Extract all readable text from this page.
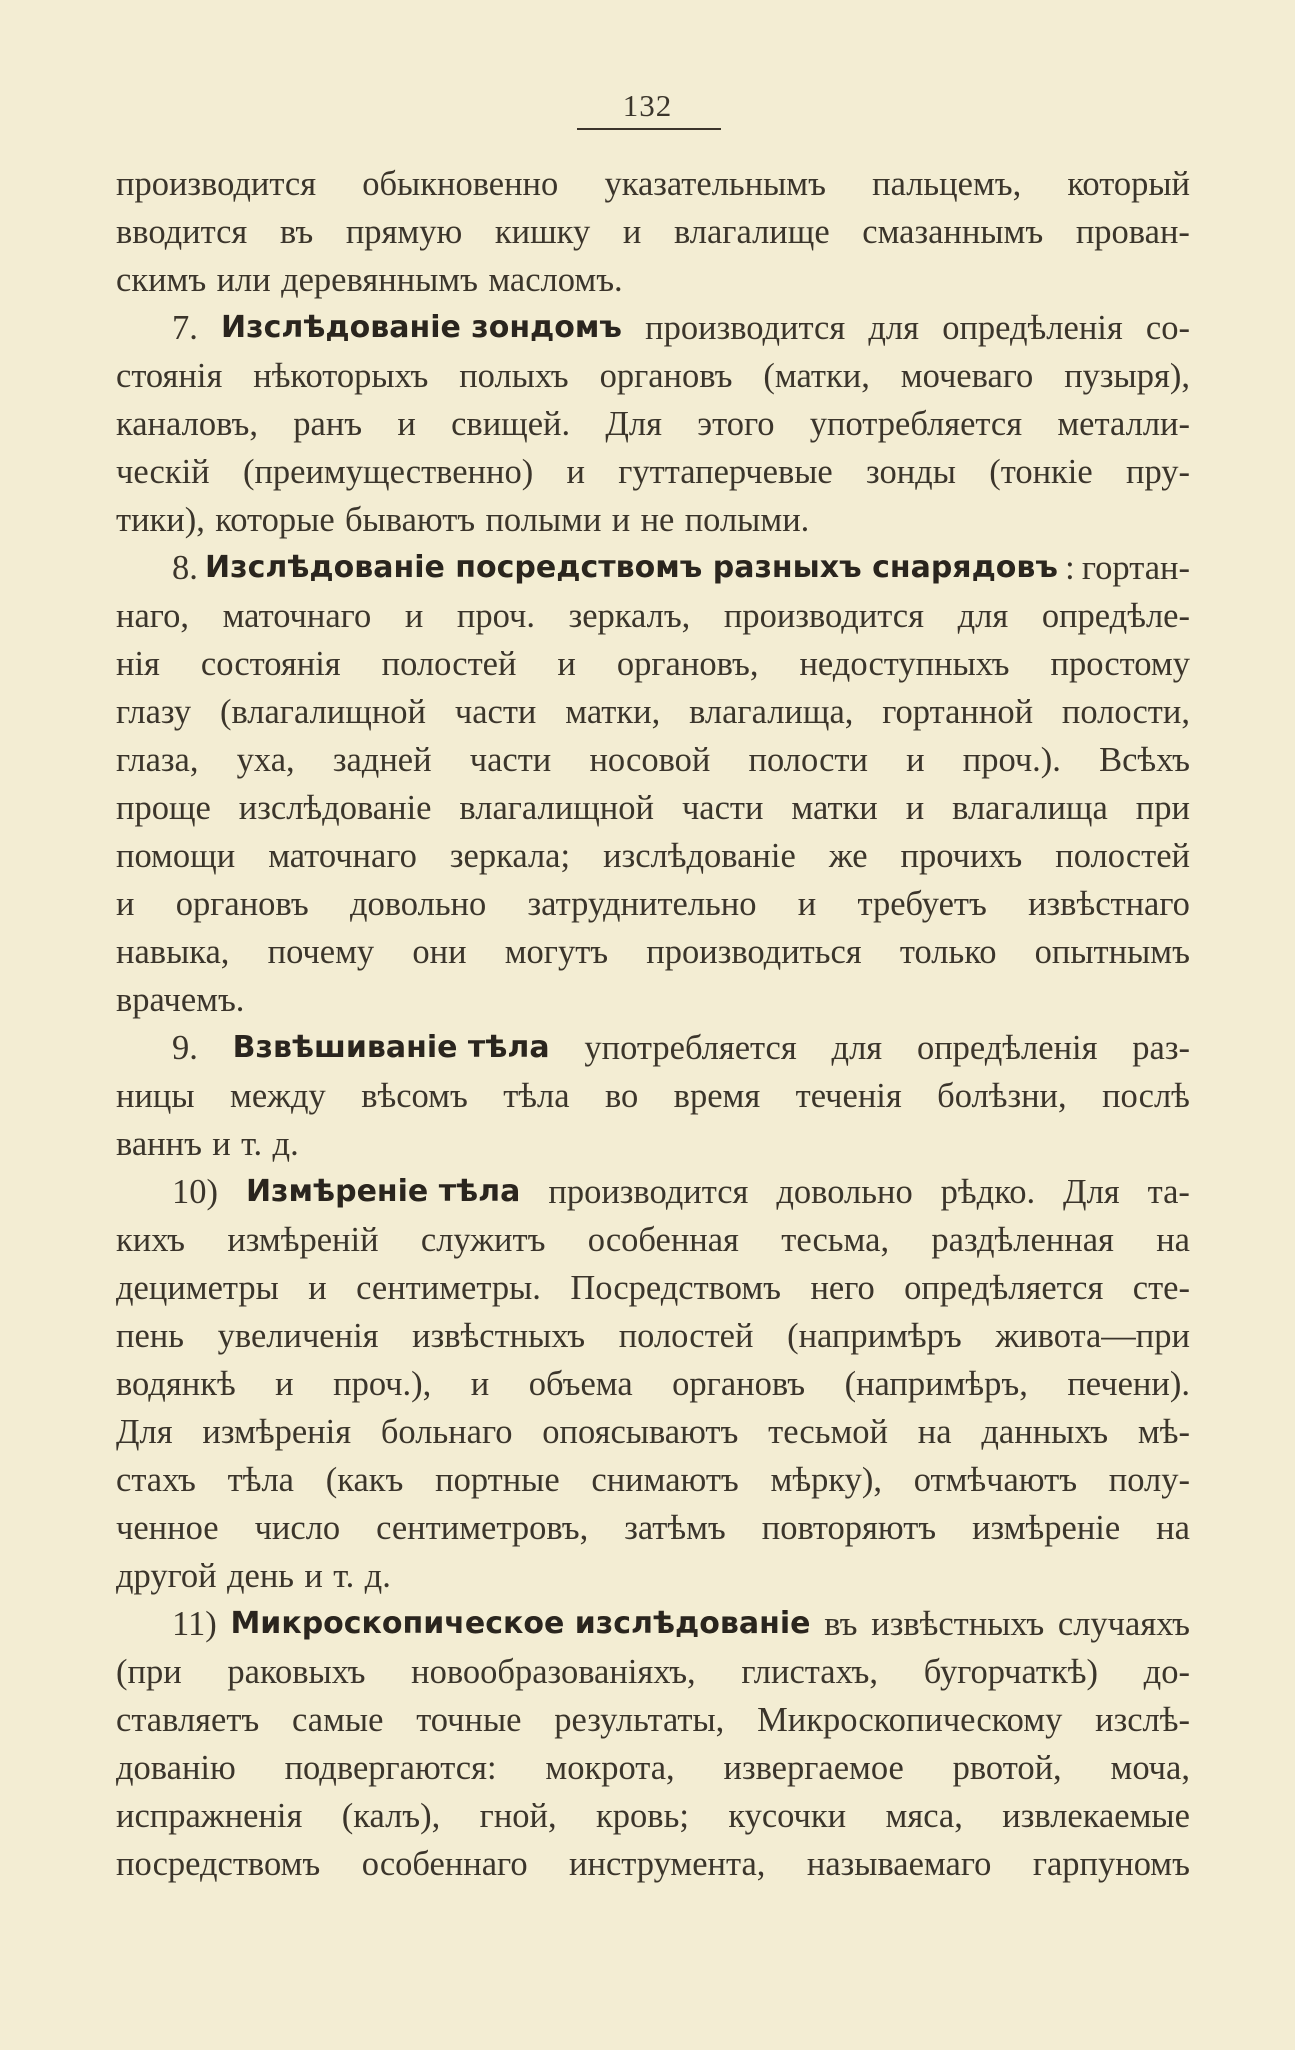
132
производится обыкновенно указательнымъ пальцемъ, который
вводится въ прямую кишку и влагалище смазаннымъ прован-
скимъ или деревяннымъ масломъ.
7. Изслѣдованіе зондомъ производится для опредѣленія со-
стоянія нѣкоторыхъ полыхъ органовъ (матки, мочеваго пузыря),
каналовъ, ранъ и свищей. Для этого употребляется металли-
ческій (преимущественно) и гуттаперчевые зонды (тонкіе пру-
тики), которые бываютъ полыми и не полыми.
8. Изслѣдованіе посредствомъ разныхъ снарядовъ : гортан-
наго, маточнаго и проч. зеркалъ, производится для опредѣле-
нія состоянія полостей и органовъ, недоступныхъ простому
глазу (влагалищной части матки, влагалища, гортанной полости,
глаза, уха, задней части носовой полости и проч.). Всѣхъ
проще изслѣдованіе влагалищной части матки и влагалища при
помощи маточнаго зеркала; изслѣдованіе же прочихъ полостей
и органовъ довольно затруднительно и требуетъ извѣстнаго
навыка, почему они могутъ производиться только опытнымъ
врачемъ.
9. Взвѣшиваніе тѣла употребляется для опредѣленія раз-
ницы между вѣсомъ тѣла во время теченія болѣзни, послѣ
ваннъ и т. д.
10) Измѣреніе тѣла производится довольно рѣдко. Для та-
кихъ измѣреній служитъ особенная тесьма, раздѣленная на
дециметры и сентиметры. Посредствомъ него опредѣляется сте-
пень увеличенія извѣстныхъ полостей (напримѣръ живота—при
водянкѣ и проч.), и объема органовъ (напримѣръ, печени).
Для измѣренія больнаго опоясываютъ тесьмой на данныхъ мѣ-
стахъ тѣла (какъ портные снимаютъ мѣрку), отмѣчаютъ полу-
ченное число сентиметровъ, затѣмъ повторяютъ измѣреніе на
другой день и т. д.
11) Микроскопическое изслѣдованіе въ извѣстныхъ случаяхъ
(при раковыхъ новообразованіяхъ, глистахъ, бугорчаткѣ) до-
ставляетъ самые точные результаты, Микроскопическому изслѣ-
дованію подвергаются: мокрота, извергаемое рвотой, моча,
испражненія (калъ), гной, кровь; кусочки мяса, извлекаемые
посредствомъ особеннаго инструмента, называемаго гарпуномъ
